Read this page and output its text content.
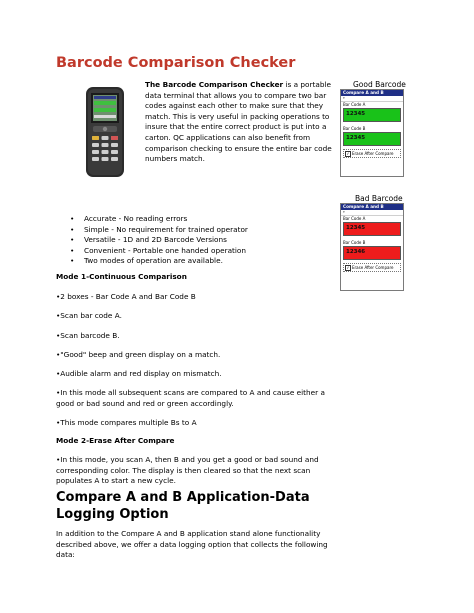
Barcode Comparison Checker
The Barcode Comparison Checker is a portable data terminal that allows you to compare two bar codes against each other to make sure that they match. This is very useful in packing operations to insure that the entire correct product is put into a carton. QC applications can also benefit from comparison checking to ensure the entire bar code numbers match.
Good Barcode
Compare A and B
▾
Bar Code A
12345
Bar Code B
12345
✓ Erase After Compare
Bad Barcode
Compare A and B
▾
Bar Code A
12345
Bar Code B
12346
✓ Erase After Compare
• Accurate - No reading errors
• Simple - No requirement for trained operator
• Versatile - 1D and 2D Barcode Versions
• Convenient - Portable one handed operation
• Two modes of operation are available.
Mode 1-Continuous Comparison
•2 boxes - Bar Code A and Bar Code B
•Scan bar code A.
•Scan barcode B.
•"Good" beep and green display on a match.
•Audible alarm and red display on mismatch.
•In this mode all subsequent scans are compared to A and cause either a good or bad sound and red or green accordingly.
•This mode compares multiple Bs to A
Mode 2-Erase After Compare
•In this mode, you scan A, then B and you get a good or bad sound and corresponding color. The display is then cleared so that the next scan populates A to start a new cycle.
Compare A and B Application-Data Logging Option
In addition to the Compare A and B application stand alone functionality described above, we offer a data logging option that collects the following data:
